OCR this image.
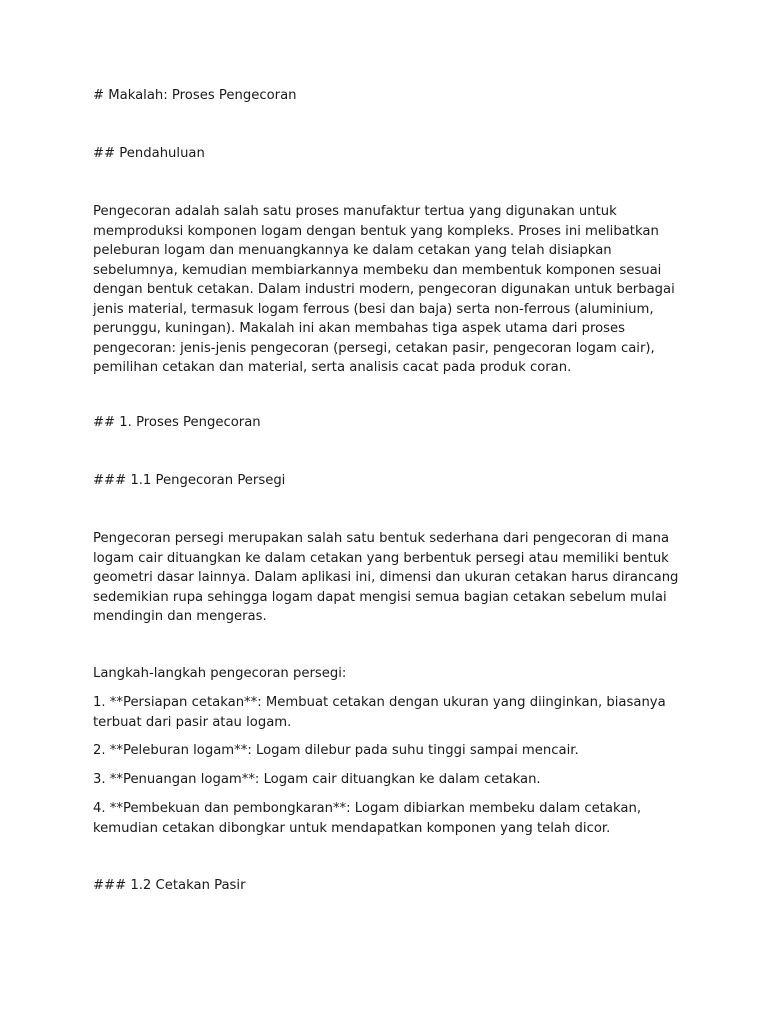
# Makalah: Proses Pengecoran

## Pendahuluan

Pengecoran adalah salah satu proses manufaktur tertua yang digunakan untuk memproduksi komponen logam dengan bentuk yang kompleks. Proses ini melibatkan peleburan logam dan menuangkannya ke dalam cetakan yang telah disiapkan sebelumnya, kemudian membiarkannya membeku dan membentuk komponen sesuai dengan bentuk cetakan. Dalam industri modern, pengecoran digunakan untuk berbagai jenis material, termasuk logam ferrous (besi dan baja) serta non-ferrous (aluminium, perunggu, kuningan). Makalah ini akan membahas tiga aspek utama dari proses pengecoran: jenis-jenis pengecoran (persegi, cetakan pasir, pengecoran logam cair), pemilihan cetakan dan material, serta analisis cacat pada produk coran.

## 1. Proses Pengecoran

### 1.1 Pengecoran Persegi

Pengecoran persegi merupakan salah satu bentuk sederhana dari pengecoran di mana logam cair dituangkan ke dalam cetakan yang berbentuk persegi atau memiliki bentuk geometri dasar lainnya. Dalam aplikasi ini, dimensi dan ukuran cetakan harus dirancang sedemikian rupa sehingga logam dapat mengisi semua bagian cetakan sebelum mulai mendingin dan mengeras.

Langkah-langkah pengecoran persegi:

1. **Persiapan cetakan**: Membuat cetakan dengan ukuran yang diinginkan, biasanya terbuat dari pasir atau logam.

2. **Peleburan logam**: Logam dilebur pada suhu tinggi sampai mencair.

3. **Penuangan logam**: Logam cair dituangkan ke dalam cetakan.

4. **Pembekuan dan pembongkaran**: Logam dibiarkan membeku dalam cetakan, kemudian cetakan dibongkar untuk mendapatkan komponen yang telah dicor.

### 1.2 Cetakan Pasir
